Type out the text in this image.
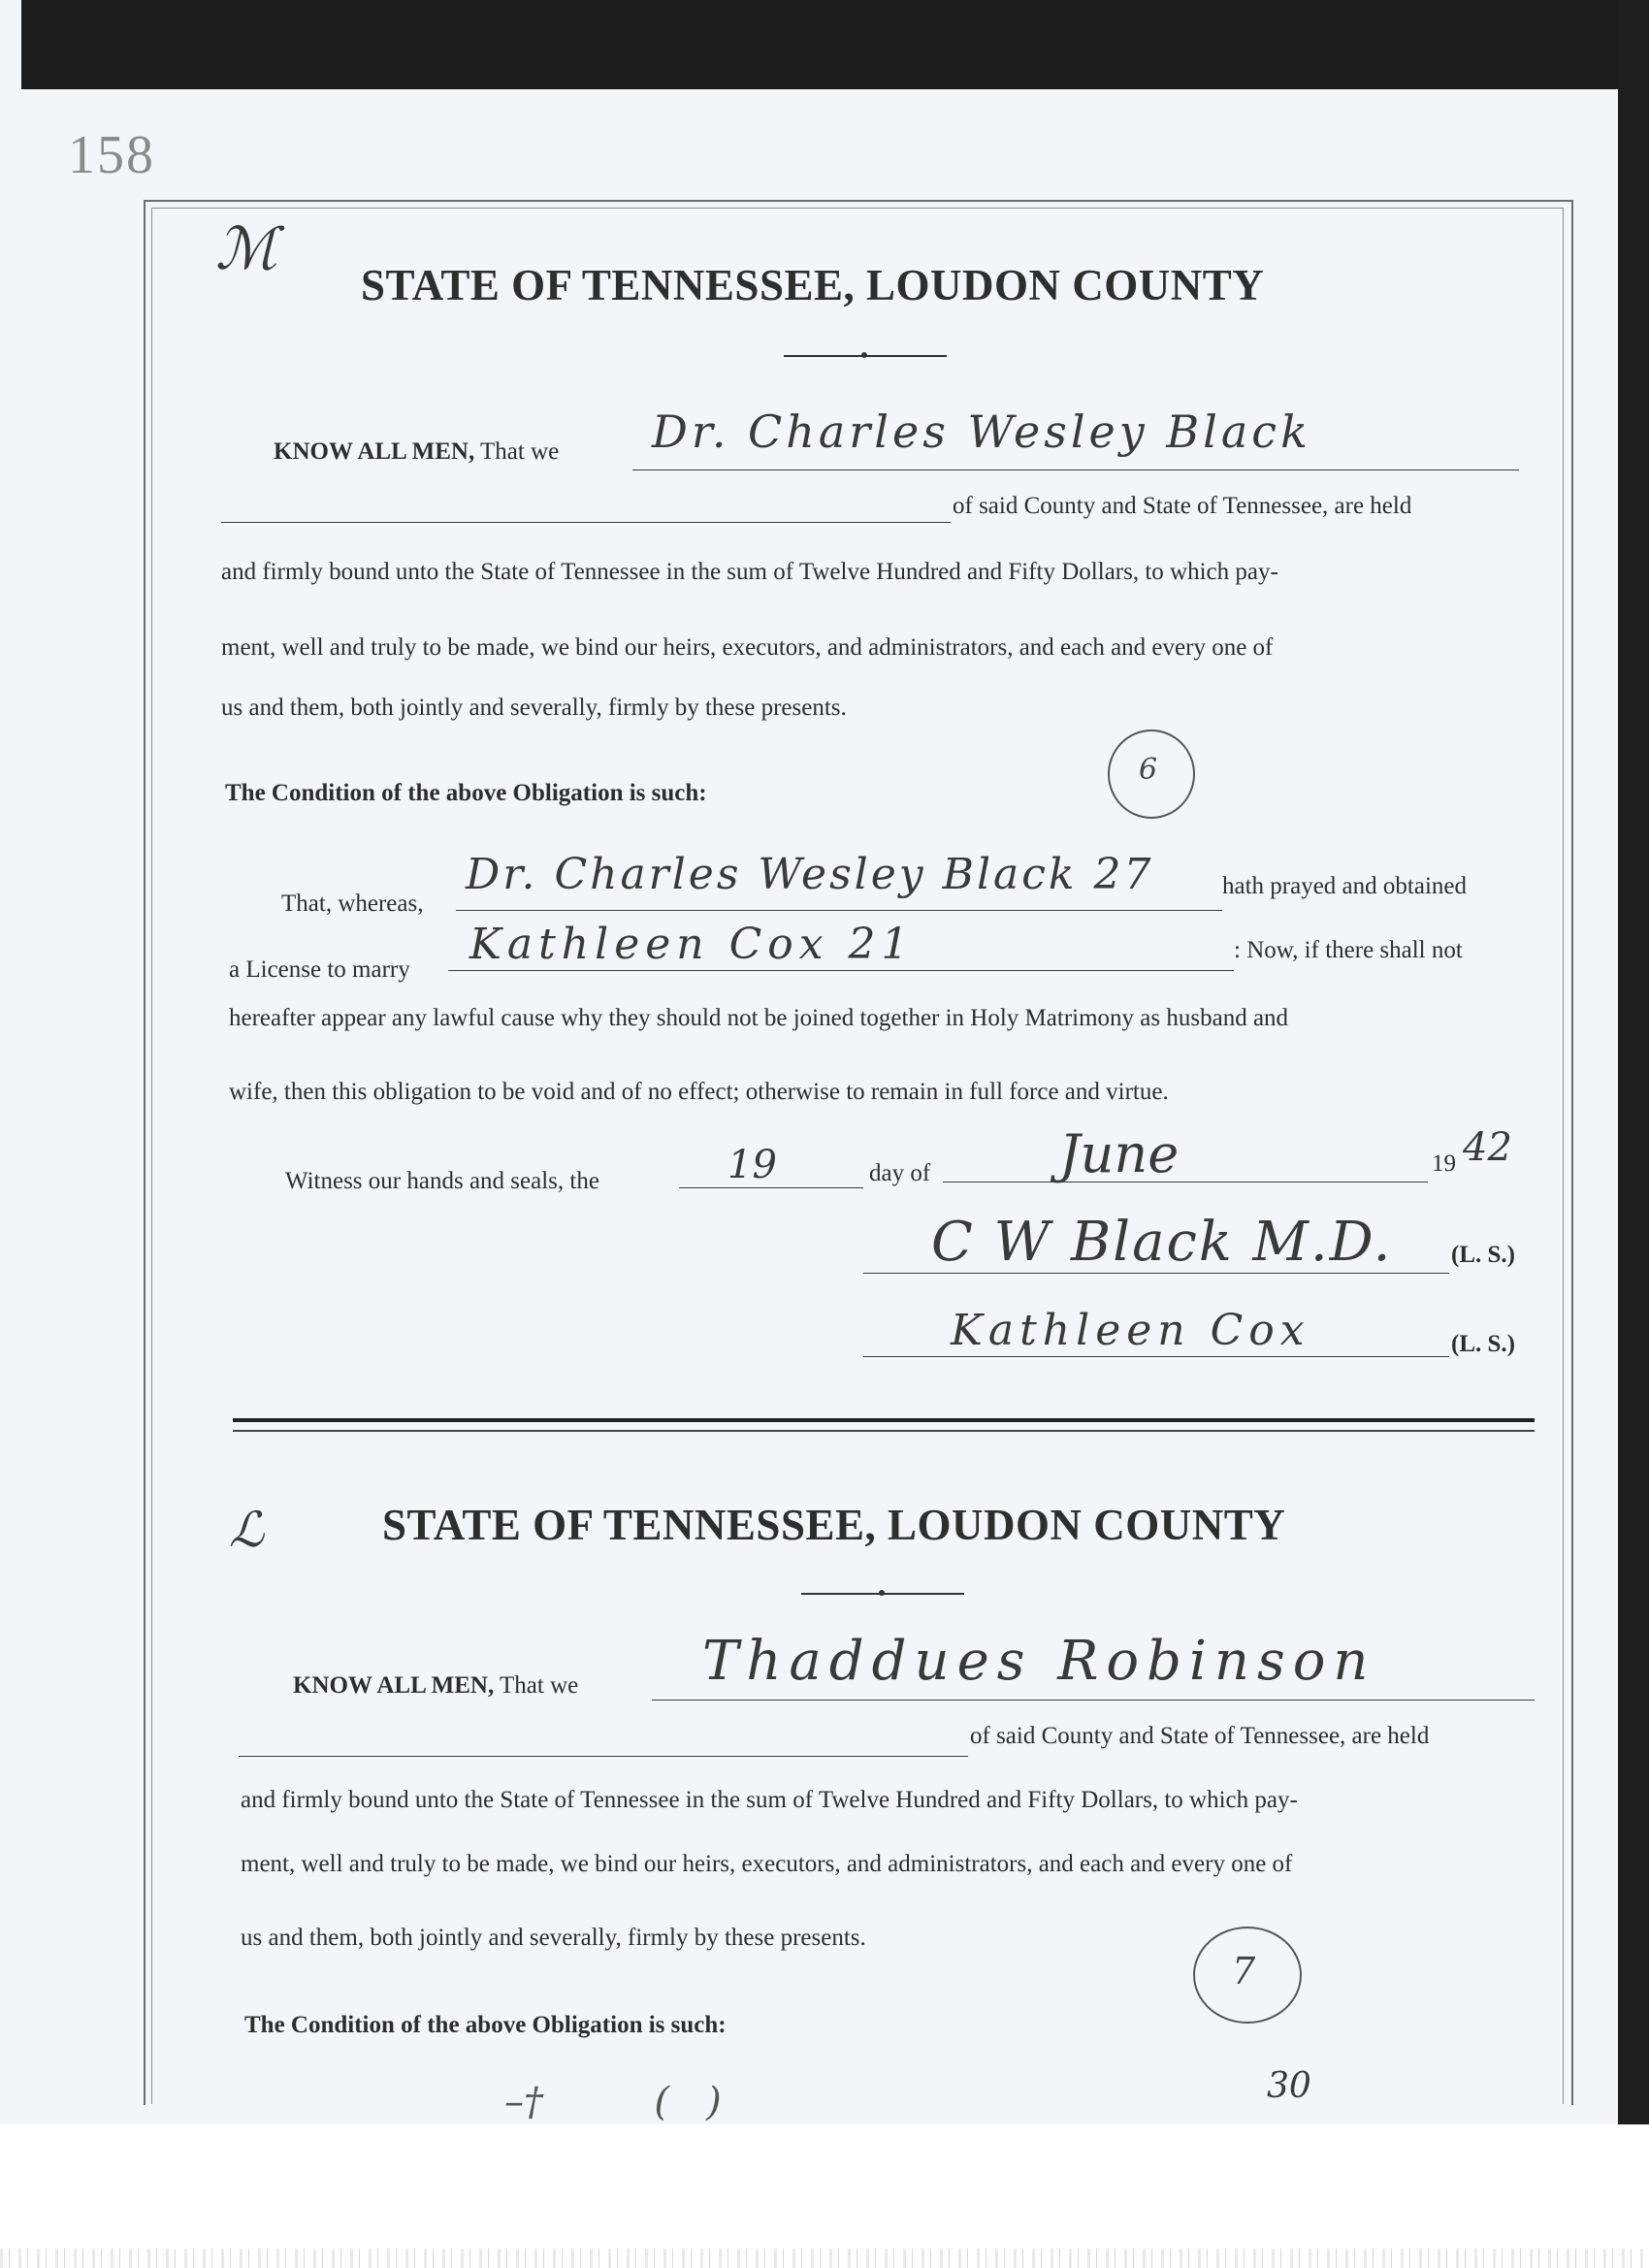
158
ℳ
STATE OF TENNESSEE, LOUDON COUNTY
KNOW ALL MEN, That we Dr. Charles Wesley Black
of said County and State of Tennessee, are held
and firmly bound unto the State of Tennessee in the sum of Twelve Hundred and Fifty Dollars, to which pay-
ment, well and truly to be made, we bind our heirs, executors, and administrators, and each and every one of
us and them, both jointly and severally, firmly by these presents.
6
The Condition of the above Obligation is such:
That, whereas,
Dr. Charles Wesley Black 27	hath prayed and obtained
a License to marry
Kathleen Cox 21	: Now, if there shall not
hereafter appear any lawful cause why they should not be joined together in Holy Matrimony as husband and
wife, then this obligation to be void and of no effect; otherwise to remain in full force and virtue.
Witness our hands and seals, the	19	day of June	19 42
C W Black M.D. (L. S.)
Kathleen Cox	(L. S.)
ℒ	STATE OF TENNESSEE, LOUDON COUNTY
KNOW ALL MEN, That we Thaddues Robinson
of said County and State of Tennessee, are held
and firmly bound unto the State of Tennessee in the sum of Twelve Hundred and Fifty Dollars, to which pay-
ment, well and truly to be made, we bind our heirs, executors, and administrators, and each and every one of
us and them, both jointly and severally, firmly by these presents.
7
The Condition of the above Obligation is such:
–†         (   )	30
